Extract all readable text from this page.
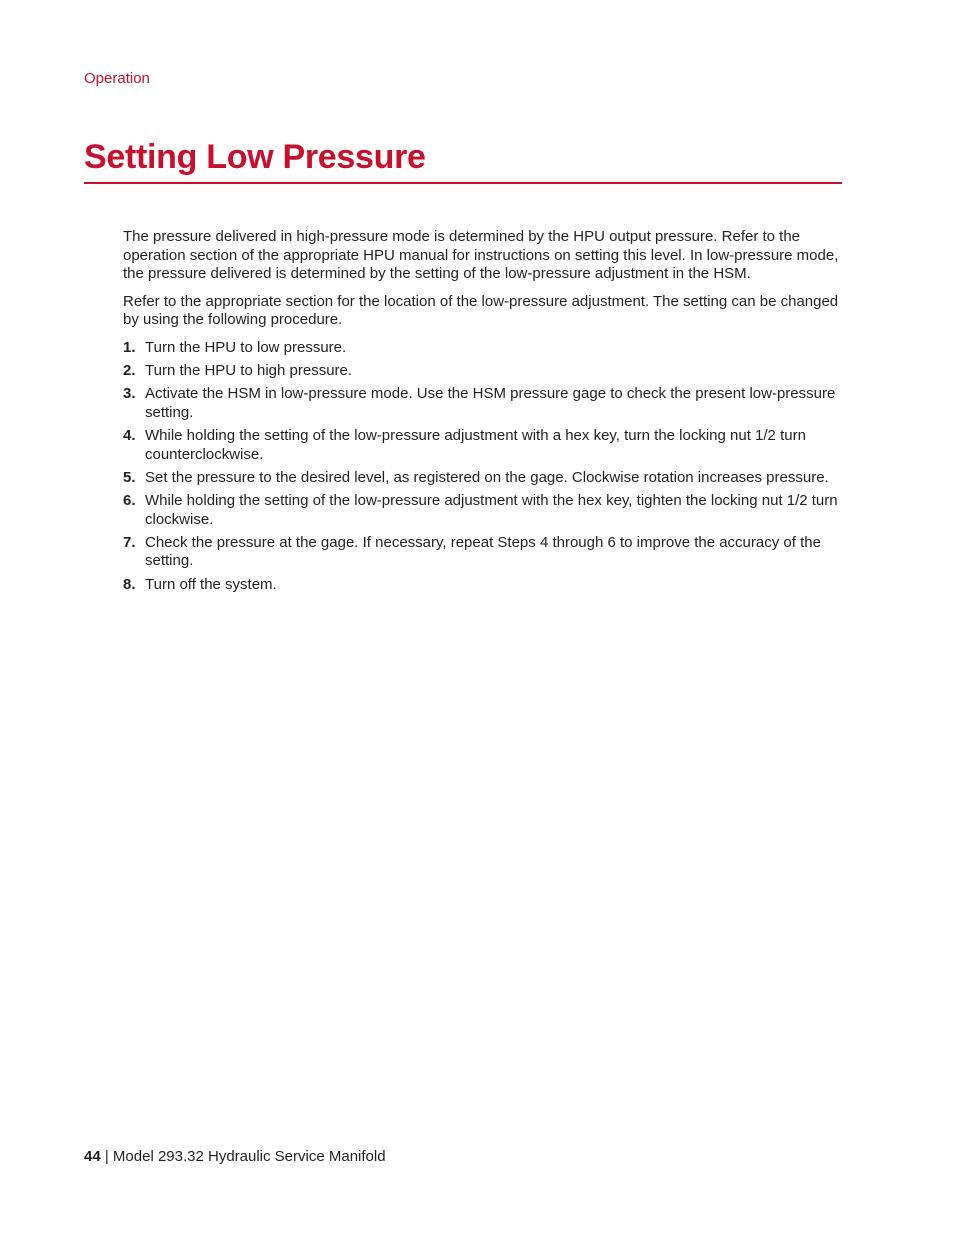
Operation
Setting Low Pressure

The pressure delivered in high-pressure mode is determined by the HPU output pressure. Refer to the operation section of the appropriate HPU manual for instructions on setting this level. In low-pressure mode, the pressure delivered is determined by the setting of the low-pressure adjustment in the HSM.

Refer to the appropriate section for the location of the low-pressure adjustment. The setting can be changed by using the following procedure.

1. Turn the HPU to low pressure.
2. Turn the HPU to high pressure.
3. Activate the HSM in low-pressure mode. Use the HSM pressure gage to check the present low-pressure setting.
4. While holding the setting of the low-pressure adjustment with a hex key, turn the locking nut 1/2 turn counterclockwise.
5. Set the pressure to the desired level, as registered on the gage. Clockwise rotation increases pressure.
6. While holding the setting of the low-pressure adjustment with the hex key, tighten the locking nut 1/2 turn clockwise.
7. Check the pressure at the gage. If necessary, repeat Steps 4 through 6 to improve the accuracy of the setting.
8. Turn off the system.
44 | Model 293.32 Hydraulic Service Manifold
